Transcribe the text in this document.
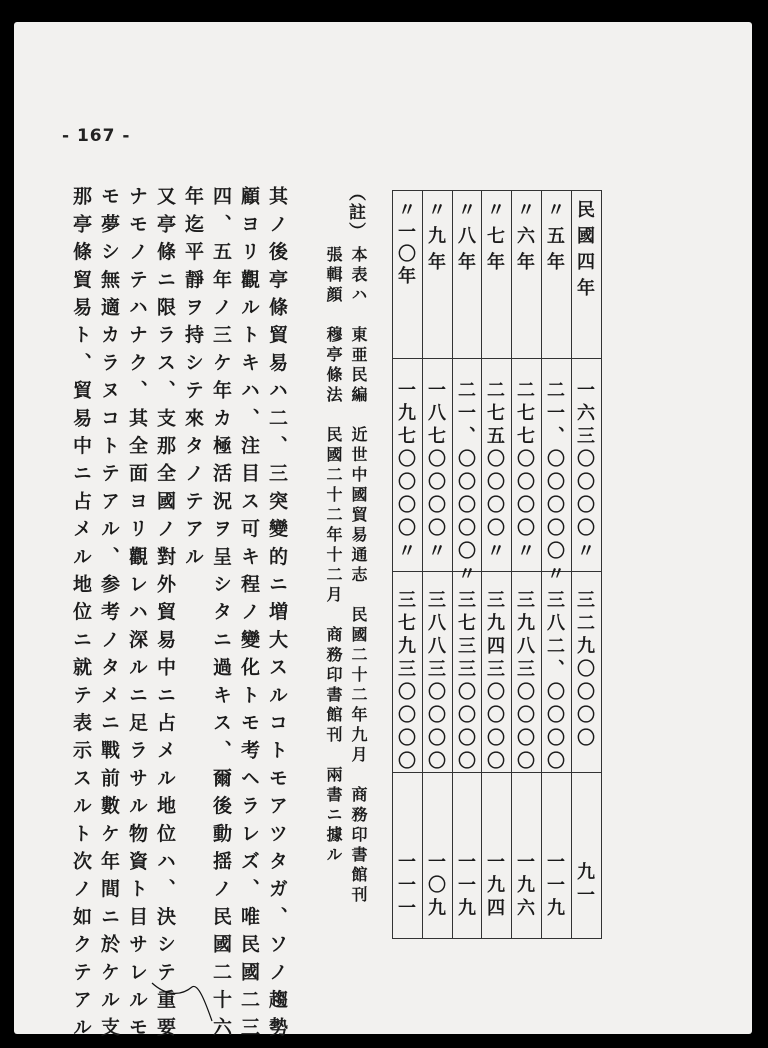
- 167 -
民國四年
一六三〇〇〇〇〃
三二九〇〇〇〇
九一
〃五年
二一、〇〇〇〇〇〃
三八二、〇〇〇〇
一一九
〃六年
二七七〇〇〇〇〃
三九八三〇〇〇〇
一九六
〃七年
二七五〇〇〇〇〃
三九四三〇〇〇〇
一九四
〃八年
二一、〇〇〇〇〇〃
三七三三〇〇〇〇
一一九
〃九年
一八七〇〇〇〇〃
三八八三〇〇〇〇
一〇九
〃一〇年
一九七〇〇〇〇〃
三七九三〇〇〇〇
一一一
（註）
本表ハ　東亜民編　近世中國貿易通志　民國二十二年九月　商務印書館刊
張輯顔　穆亭條法　民國二十二年十二月　商務印書館刊　兩書ニ據ル
其ノ後亭條貿易ハ二、三突變的ニ増大スルコトモアツタガ、ソノ趨勢
顧ヨリ觀ルトキハ、注目ス可キ程ノ變化トモ考ヘラレズ、唯民國二三
四、五年ノ三ケ年カ極活況ヲ呈シタニ過キス、爾後動揺ノ民國二十六
年迄平靜ヲ持シテ來タノテアル
又亭條ニ限ラス、支那全國ノ對外貿易中ニ占メル地位ハ、決シテ重要
ナモノテハナク、其全面ヨリ觀レハ深ルニ足ラサル物資ト目サレルモ
モ夢シ無適カラヌコトテアル、参考ノタメニ戰前數ケ年間ニ於ケル支
那亭條貿易ト、貿易中ニ占メル地位ニ就テ表示スルト次ノ如クテアル
